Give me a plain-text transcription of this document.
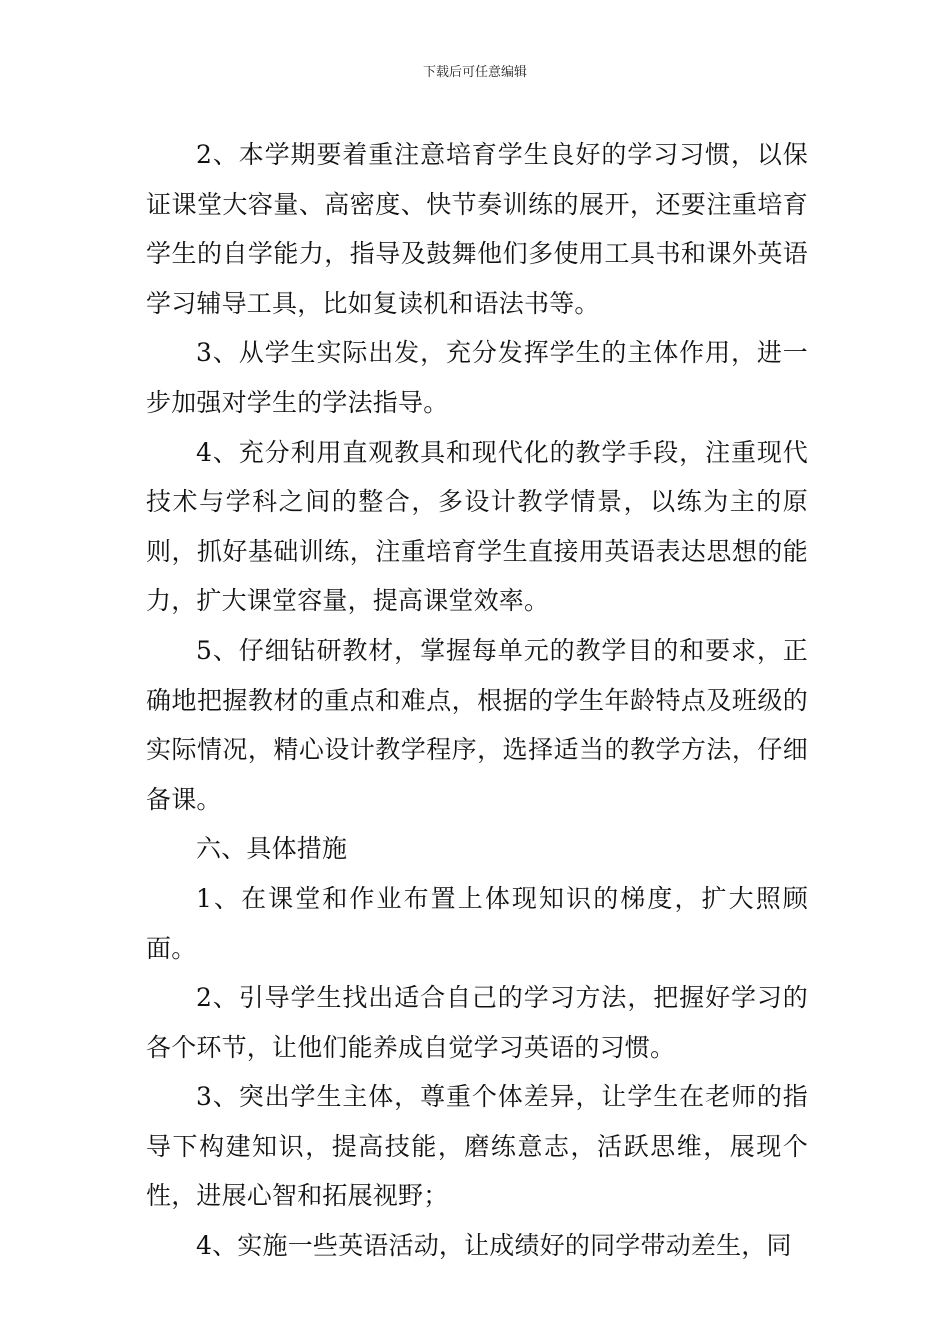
下载后可任意编辑

2、本学期要着重注意培育学生良好的学习习惯，以保证课堂大容量、高密度、快节奏训练的展开，还要注重培育学生的自学能力，指导及鼓舞他们多使用工具书和课外英语学习辅导工具，比如复读机和语法书等。

3、从学生实际出发，充分发挥学生的主体作用，进一步加强对学生的学法指导。

4、充分利用直观教具和现代化的教学手段，注重现代技术与学科之间的整合，多设计教学情景，以练为主的原则，抓好基础训练，注重培育学生直接用英语表达思想的能力，扩大课堂容量，提高课堂效率。

5、仔细钻研教材，掌握每单元的教学目的和要求，正确地把握教材的重点和难点，根据的学生年龄特点及班级的实际情况，精心设计教学程序，选择适当的教学方法，仔细备课。

六、具体措施

1、在课堂和作业布置上体现知识的梯度，扩大照顾面。

2、引导学生找出适合自己的学习方法，把握好学习的各个环节，让他们能养成自觉学习英语的习惯。

3、突出学生主体，尊重个体差异，让学生在老师的指导下构建知识，提高技能，磨练意志，活跃思维，展现个性，进展心智和拓展视野；

4、实施一些英语活动，让成绩好的同学带动差生，同
